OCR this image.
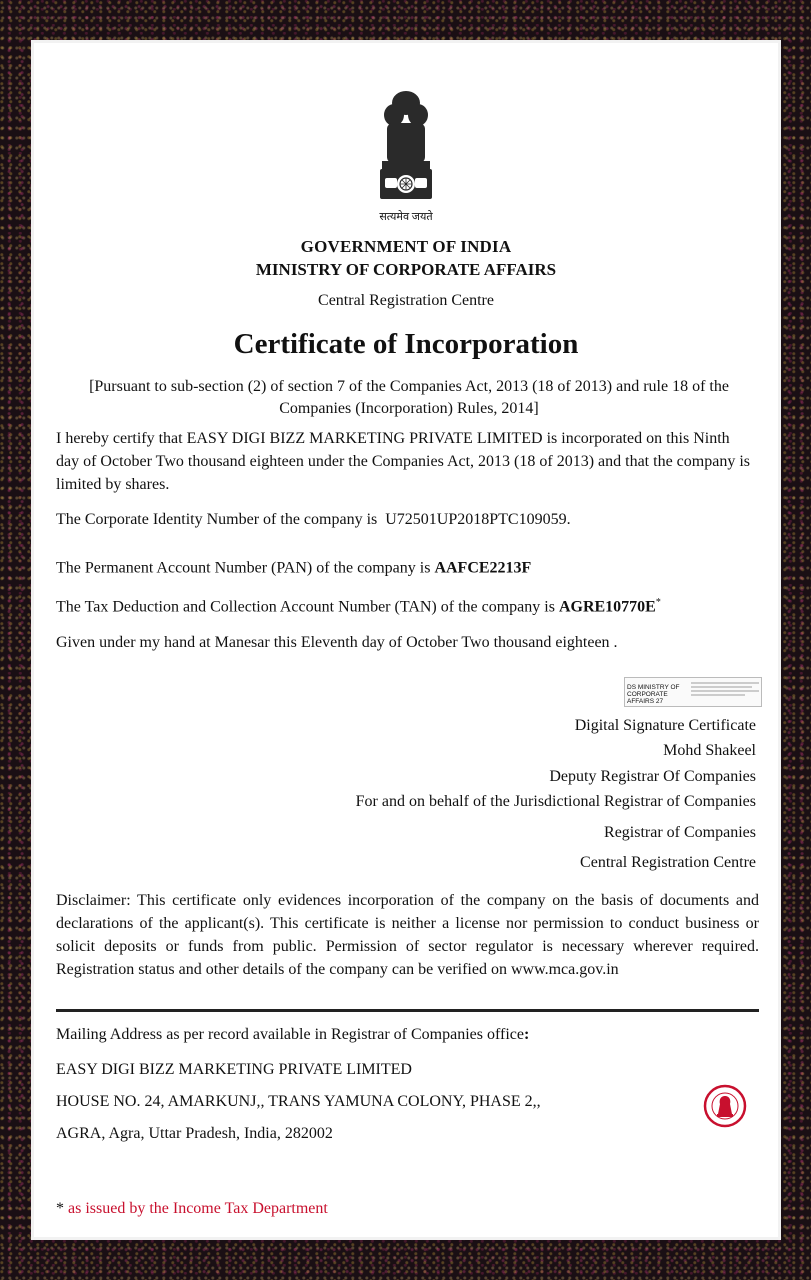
सत्यमेव जयते
GOVERNMENT OF INDIA
MINISTRY OF CORPORATE AFFAIRS
Central Registration Centre
Certificate of Incorporation
[Pursuant to sub-section (2) of section 7 of the Companies Act, 2013 (18 of 2013) and rule 18 of the Companies (Incorporation) Rules, 2014]
I hereby certify that EASY DIGI BIZZ MARKETING PRIVATE LIMITED is incorporated on this Ninth day of October Two thousand eighteen under the Companies Act, 2013 (18 of 2013) and that the company is limited by shares.
The Corporate Identity Number of the company is U72501UP2018PTC109059.
The Permanent Account Number (PAN) of the company is AAFCE2213F
The Tax Deduction and Collection Account Number (TAN) of the company is AGRE10770E*
Given under my hand at Manesar this Eleventh day of October Two thousand eighteen .
DS MINISTRY OF
CORPORATE AFFAIRS 27
Digital Signature Certificate
Mohd Shakeel
Deputy Registrar Of Companies
For and on behalf of the Jurisdictional Registrar of Companies
Registrar of Companies
Central Registration Centre
Disclaimer: This certificate only evidences incorporation of the company on the basis of documents and declarations of the applicant(s). This certificate is neither a license nor permission to conduct business or solicit deposits or funds from public. Permission of sector regulator is necessary wherever required. Registration status and other details of the company can be verified on www.mca.gov.in
Mailing Address as per record available in Registrar of Companies office:
EASY DIGI BIZZ MARKETING PRIVATE LIMITED
HOUSE NO. 24, AMARKUNJ,, TRANS YAMUNA COLONY, PHASE 2,,
AGRA, Agra, Uttar Pradesh, India, 282002
* as issued by the Income Tax Department
